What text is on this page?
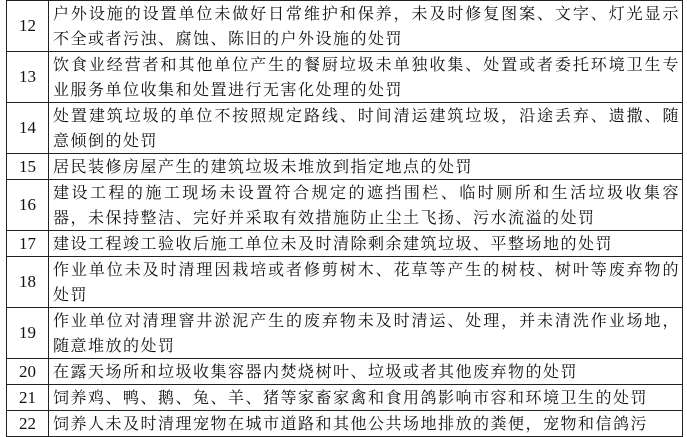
12	户外设施的设置单位未做好日常维护和保养，未及时修复图案、文字、灯光显示不全或者污浊、腐蚀、陈旧的户外设施的处罚
13	饮食业经营者和其他单位产生的餐厨垃圾未单独收集、处置或者委托环境卫生专业服务单位收集和处置进行无害化处理的处罚
14	处置建筑垃圾的单位不按照规定路线、时间清运建筑垃圾，沿途丢弃、遗撒、随意倾倒的处罚
15	居民装修房屋产生的建筑垃圾未堆放到指定地点的处罚
16	建设工程的施工现场未设置符合规定的遮挡围栏、临时厕所和生活垃圾收集容器，未保持整洁、完好并采取有效措施防止尘土飞扬、污水流溢的处罚
17	建设工程竣工验收后施工单位未及时清除剩余建筑垃圾、平整场地的处罚
18	作业单位未及时清理因栽培或者修剪树木、花草等产生的树枝、树叶等废弃物的处罚
19	作业单位对清理窨井淤泥产生的废弃物未及时清运、处理，并未清洗作业场地，随意堆放的处罚
20	在露天场所和垃圾收集容器内焚烧树叶、垃圾或者其他废弃物的处罚
21	饲养鸡、鸭、鹅、兔、羊、猪等家畜家禽和食用鸽影响市容和环境卫生的处罚
22	饲养人未及时清理宠物在城市道路和其他公共场地排放的粪便，宠物和信鸽污
